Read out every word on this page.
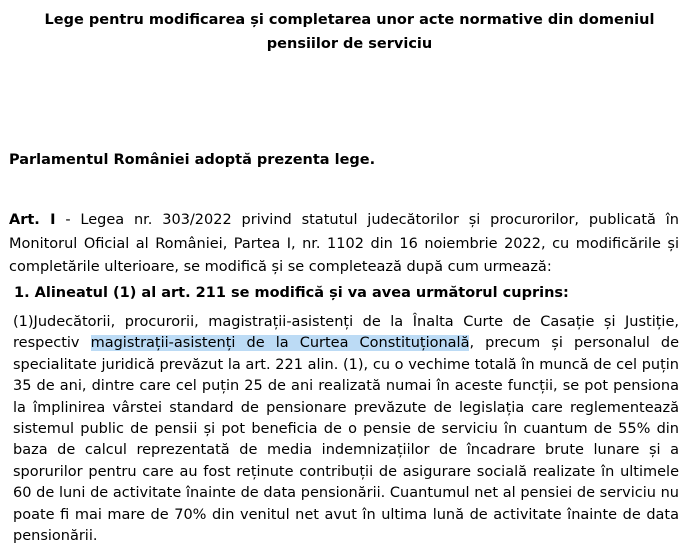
Lege pentru modificarea și completarea unor acte normative din domeniul pensiilor de serviciu
Parlamentul României adoptă prezenta lege.
Art. I - Legea nr. 303/2022 privind statutul judecătorilor și procurorilor, publicată în Monitorul Oficial al României, Partea I, nr. 1102 din 16 noiembrie 2022, cu modificările și completările ulterioare, se modifică și se completează după cum urmează:
1. Alineatul (1) al art. 211 se modifică și va avea următorul cuprins:
(1)Judecătorii, procurorii, magistrații-asistenți de la Înalta Curte de Casație și Justiție, respectiv magistrații-asistenți de la Curtea Constituțională, precum și personalul de specialitate juridică prevăzut la art. 221 alin. (1), cu o vechime totală în muncă de cel puțin 35 de ani, dintre care cel puțin 25 de ani realizată numai în aceste funcții, se pot pensiona la împlinirea vârstei standard de pensionare prevăzute de legislația care reglementează sistemul public de pensii și pot beneficia de o pensie de serviciu în cuantum de 55% din baza de calcul reprezentată de media indemnizațiilor de încadrare brute lunare și a sporurilor pentru care au fost reținute contribuții de asigurare socială realizate în ultimele 60 de luni de activitate înainte de data pensionării. Cuantumul net al pensiei de serviciu nu poate fi mai mare de 70% din venitul net avut în ultima lună de activitate înainte de data pensionării.
